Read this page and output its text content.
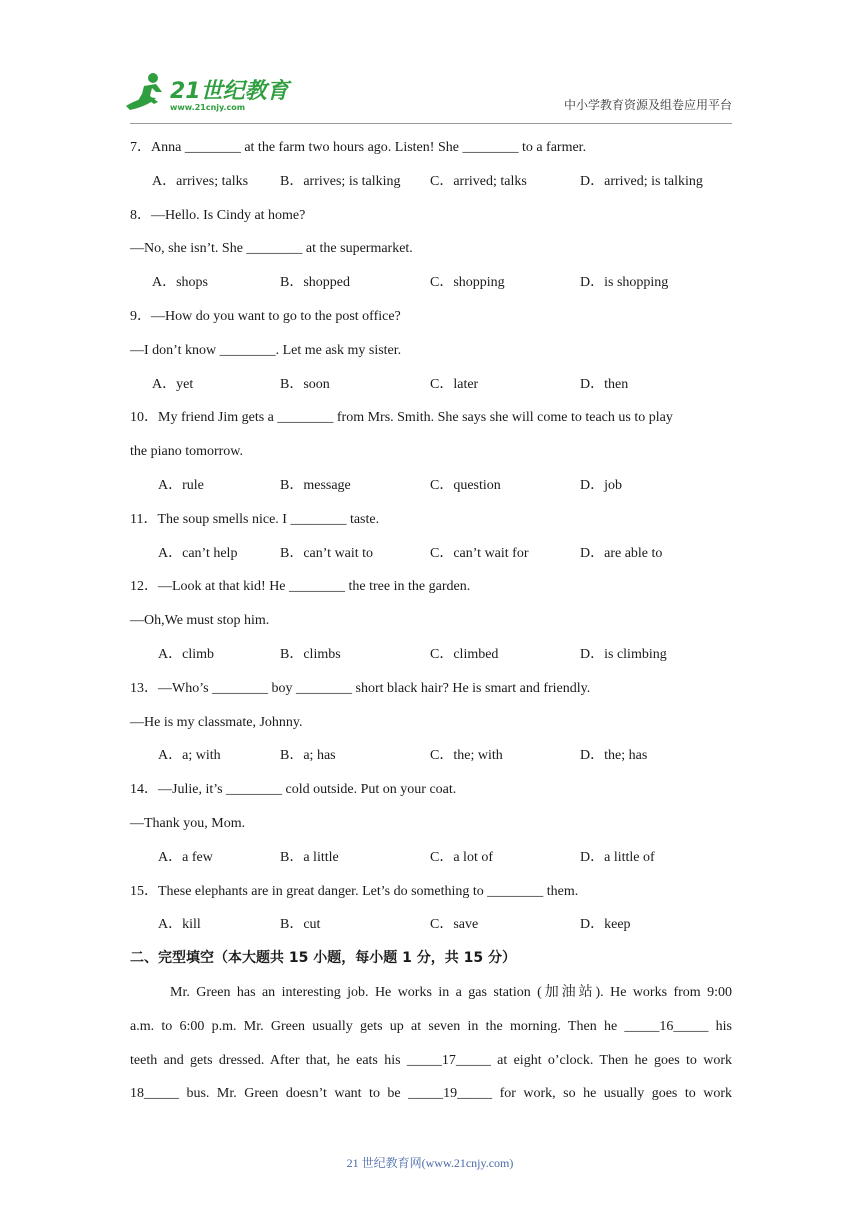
21世纪教育
www.21cnjy.com	中小学教育资源及组卷应用平台
7．Anna ________ at the farm two hours ago. Listen! She ________ to a farmer.
A．arrives; talks B．arrives; is talking C．arrived; talks	D．arrived; is talking
8．—Hello. Is Cindy at home?
—No, she isn’t. She ________ at the supermarket.
A．shops	B．shopped	C．shopping	D．is shopping
9．—How do you want to go to the post office?
—I don’t know ________. Let me ask my sister.
A．yet	B．soon	C．later	D．then
10．My friend Jim gets a ________ from Mrs. Smith. She says she will come to teach us to play
the piano tomorrow.
A．rule	B．message	C．question	D．job
11．The soup smells nice. I ________ taste.
A．can’t help	B．can’t wait to	C．can’t wait for	D．are able to
12．—Look at that kid! He ________ the tree in the garden.
—Oh,We must stop him.
A．climb	B．climbs	C．climbed	D．is climbing
13．—Who’s ________ boy ________ short black hair? He is smart and friendly.
—He is my classmate, Johnny.
A．a; with	B．a; has	C．the; with	D．the; has
14．—Julie, it’s ________ cold outside. Put on your coat.
—Thank you, Mom.
A．a few	B．a little	C．a lot of	D．a little of
15．These elephants are in great danger. Let’s do something to ________ them.
A．kill	B．cut	C．save	D．keep
二、完型填空（本大题共 15 小题，每小题 1 分，共 15 分）
Mr. Green has an interesting job. He works in a gas station (加油站). He works from 9:00
a.m. to 6:00 p.m. Mr. Green usually gets up at seven in the morning. Then he _____16_____ his
teeth and gets dressed. After that, he eats his _____17_____ at eight o’clock. Then he goes to work
18_____ bus. Mr. Green doesn’t want to be _____19_____ for work, so he usually goes to work
21 世纪教育网(www.21cnjy.com)
